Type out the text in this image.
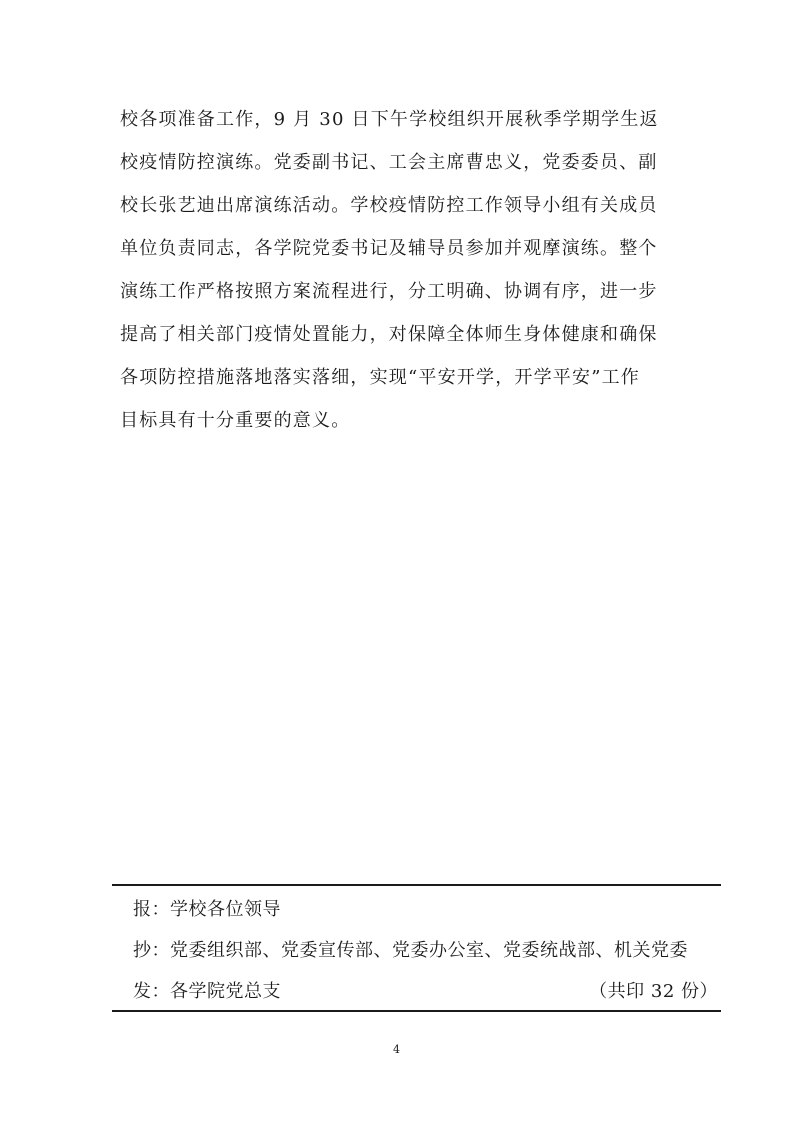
校各项准备工作，9 月 30 日下午学校组织开展秋季学期学生返
校疫情防控演练。党委副书记、工会主席曹忠义，党委委员、副
校长张艺迪出席演练活动。学校疫情防控工作领导小组有关成员
单位负责同志，各学院党委书记及辅导员参加并观摩演练。整个
演练工作严格按照方案流程进行，分工明确、协调有序，进一步
提高了相关部门疫情处置能力，对保障全体师生身体健康和确保
各项防控措施落地落实落细，实现“平安开学，开学平安”工作
目标具有十分重要的意义。
报：学校各位领导
抄：党委组织部、党委宣传部、党委办公室、党委统战部、机关党委
发：各学院党总支	（共印 32 份）
4
